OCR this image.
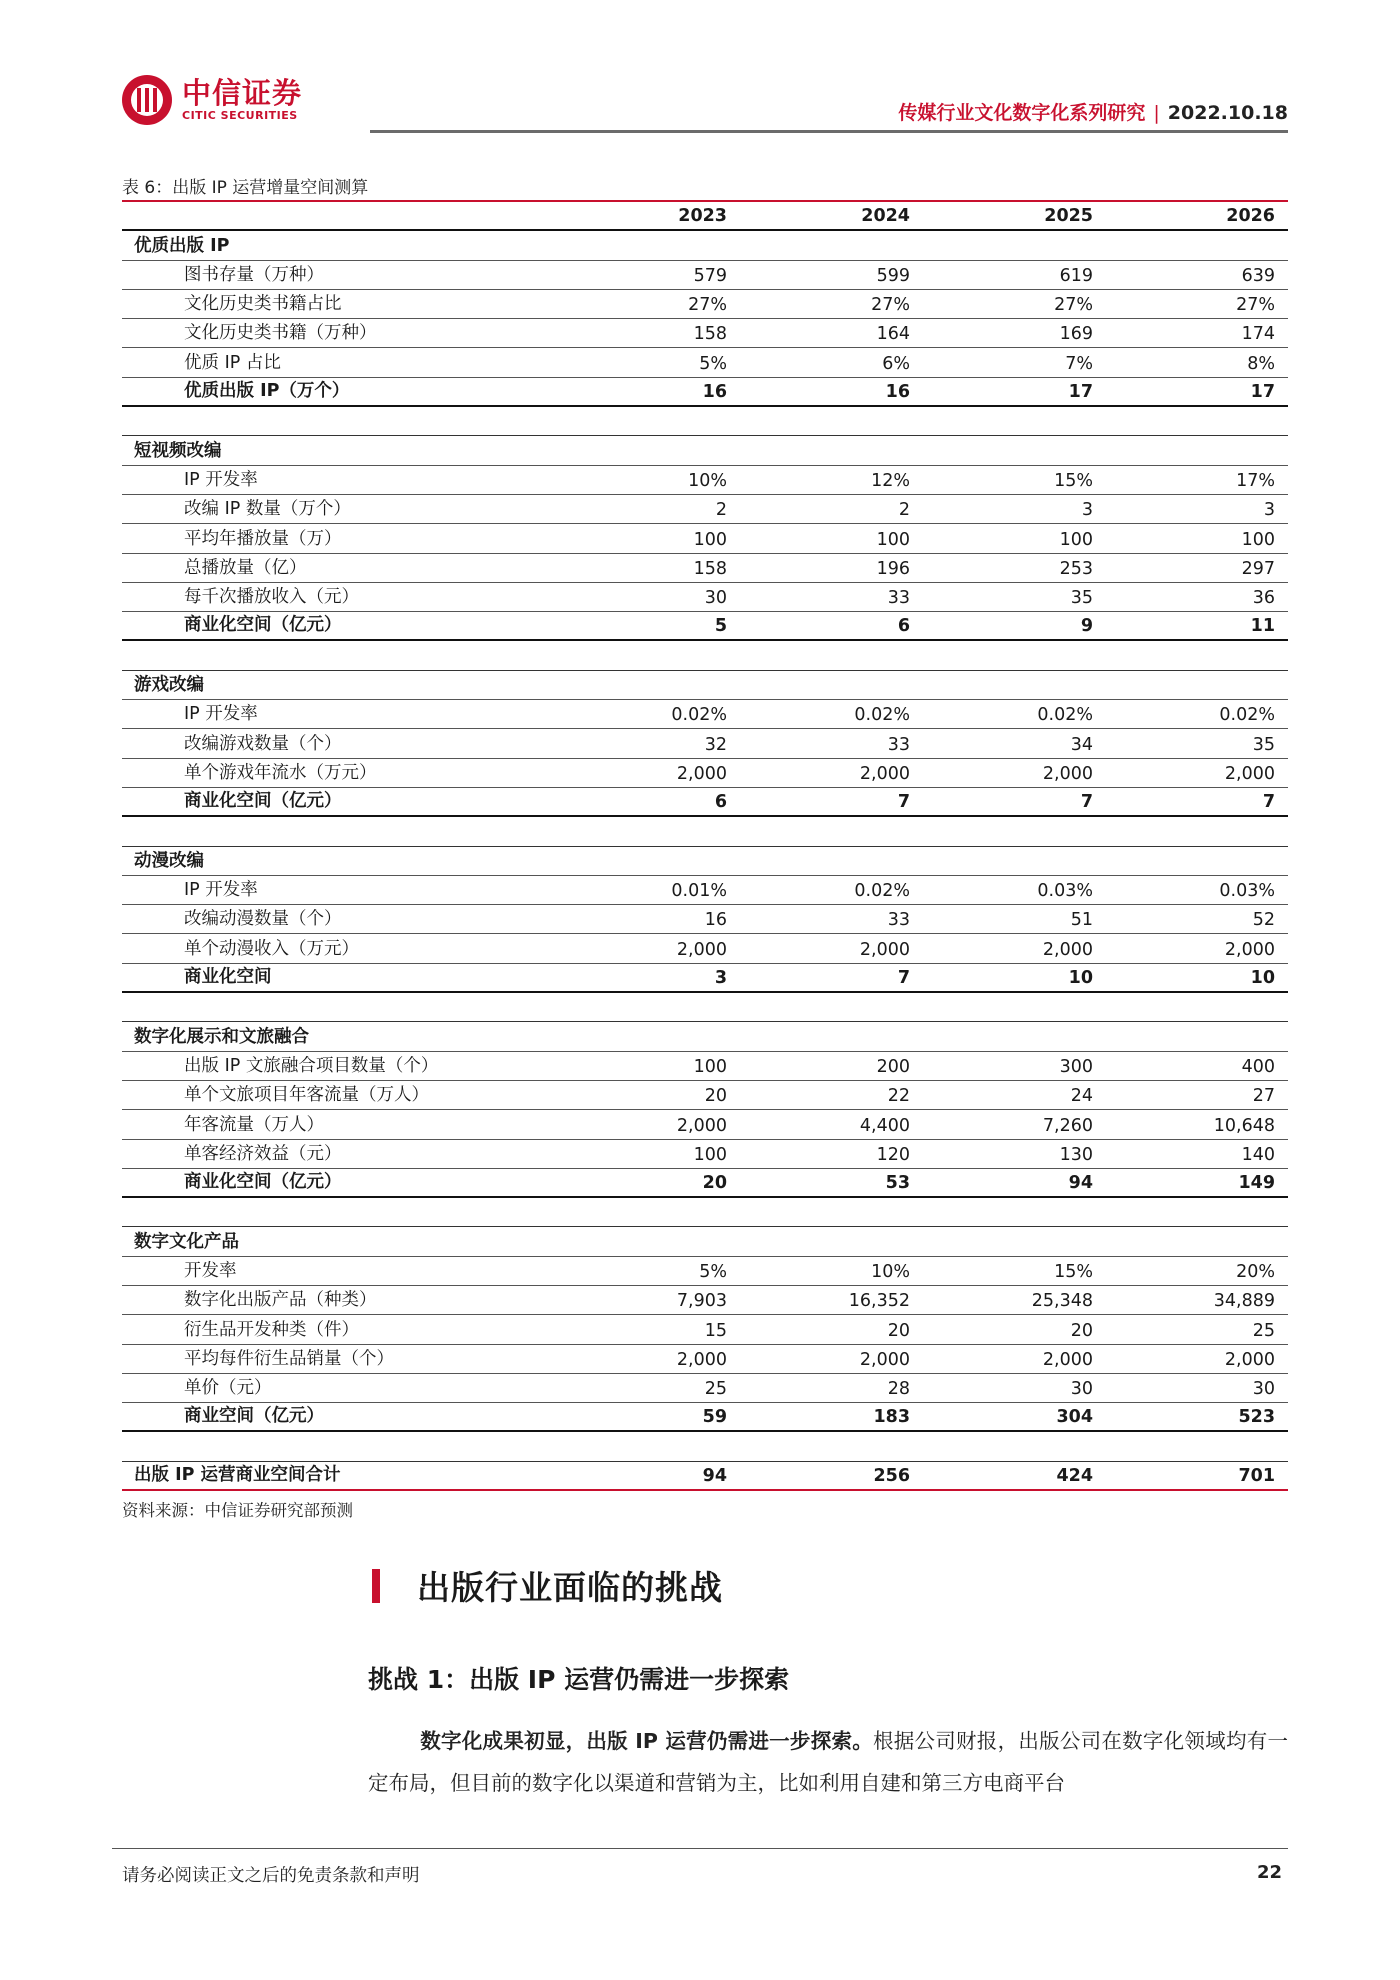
中信证券
CITIC SECURITIES	传媒行业文化数字化系列研究 | 2022.10.18
表 6：出版 IP 运营增量空间测算
2023	2024	2025	2026
优质出版 IP
图书存量（万种）	579	599	619	639
文化历史类书籍占比	27%	27%	27%	27%
文化历史类书籍（万种）	158	164	169	174
优质 IP 占比	5%	6%	7%	8%
优质出版 IP（万个）	16	16	17	17
短视频改编
IP 开发率	10%	12%	15%	17%
改编 IP 数量（万个）	2	2	3	3
平均年播放量（万）	100	100	100	100
总播放量（亿）	158	196	253	297
每千次播放收入（元）	30	33	35	36
商业化空间（亿元）	5	6	9	11
游戏改编
IP 开发率	0.02%	0.02%	0.02%	0.02%
改编游戏数量（个）	32	33	34	35
单个游戏年流水（万元）	2,000	2,000	2,000	2,000
商业化空间（亿元）	6	7	7	7
动漫改编
IP 开发率	0.01%	0.02%	0.03%	0.03%
改编动漫数量（个）	16	33	51	52
单个动漫收入（万元）	2,000	2,000	2,000	2,000
商业化空间	3	7	10	10
数字化展示和文旅融合
出版 IP 文旅融合项目数量（个）	100	200	300	400
单个文旅项目年客流量（万人）	20	22	24	27
年客流量（万人）	2,000	4,400	7,260	10,648
单客经济效益（元）	100	120	130	140
商业化空间（亿元）	20	53	94	149
数字文化产品
开发率	5%	10%	15%	20%
数字化出版产品（种类）	7,903	16,352	25,348	34,889
衍生品开发种类（件）	15	20	20	25
平均每件衍生品销量（个）	2,000	2,000	2,000	2,000
单价（元）	25	28	30	30
商业空间（亿元）	59	183	304	523
出版 IP 运营商业空间合计	94	256	424	701
资料来源：中信证券研究部预测
出版行业面临的挑战
挑战 1：出版 IP 运营仍需进一步探索
数字化成果初显，出版 IP 运营仍需进一步探索。根据公司财报，出版公司在数字化领域均有一定布局，但目前的数字化以渠道和营销为主，比如利用自建和第三方电商平台
请务必阅读正文之后的免责条款和声明	22
